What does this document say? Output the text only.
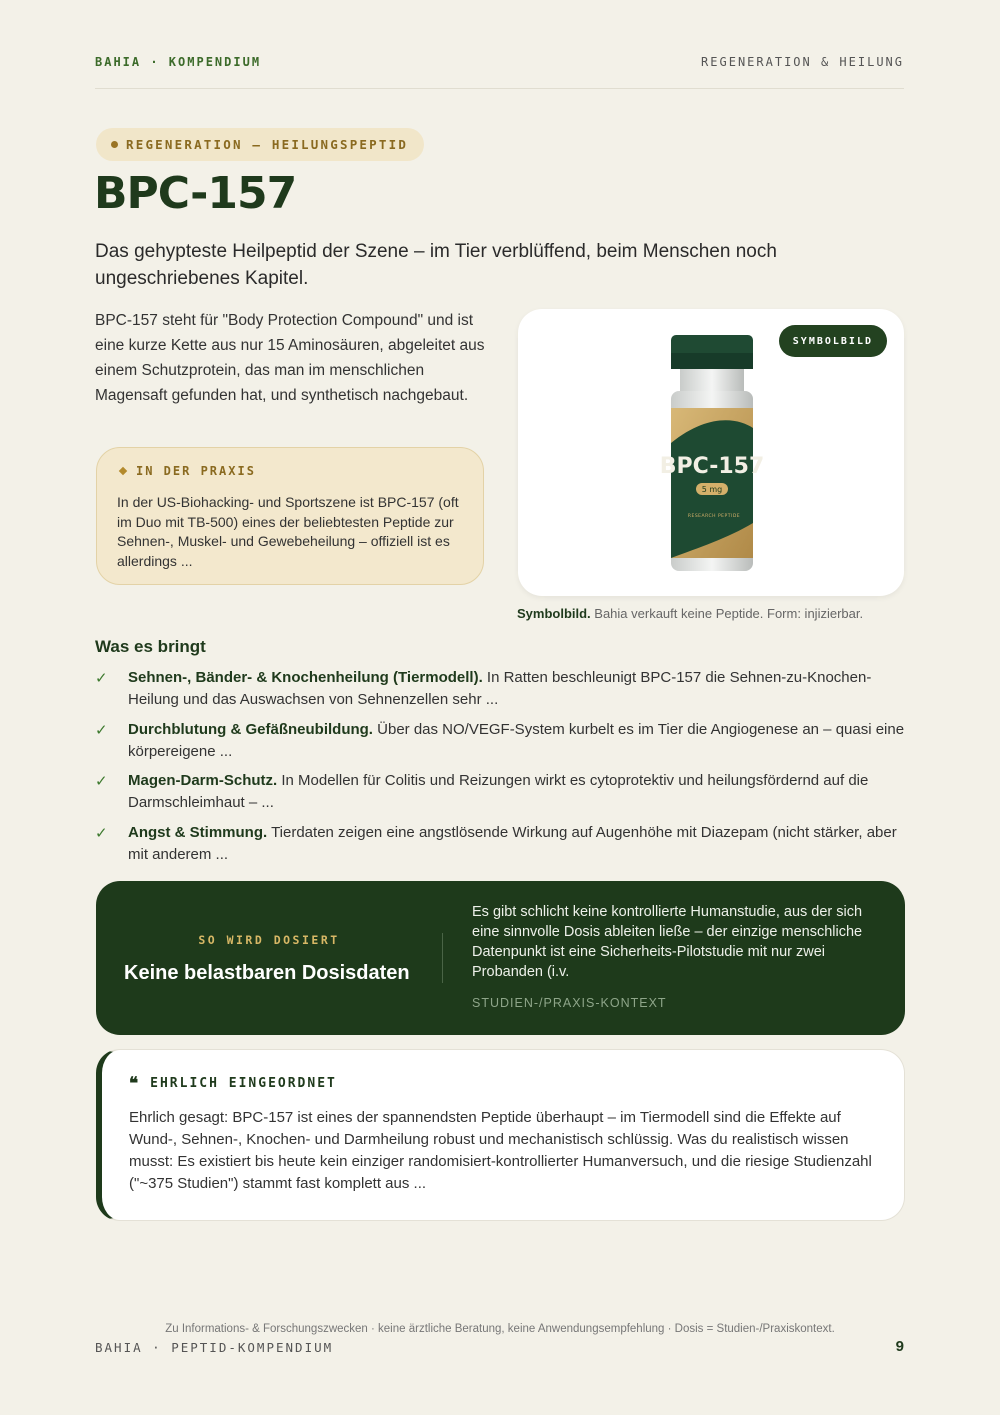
BAHIA · KOMPENDIUM	REGENERATION & HEILUNG
REGENERATION – HEILUNGSPEPTID
BPC-157

Das gehypteste Heilpeptid der Szene – im Tier verblüffend, beim Menschen noch ungeschriebenes Kapitel.

BPC-157 steht für "Body Protection Compound" und ist eine kurze Kette aus nur 15 Aminosäuren, abgeleitet aus einem Schutzprotein, das man im menschlichen Magensaft gefunden hat, und synthetisch nachgebaut.

IN DER PRAXIS

In der US-Biohacking- und Sportszene ist BPC-157 (oft im Duo mit TB-500) eines der beliebtesten Peptide zur Sehnen-, Muskel- und Gewebeheilung – offiziell ist es allerdings ...

SYMBOLBILD
BPC-157
5 mg
RESEARCH PEPTIDE

Symbolbild. Bahia verkauft keine Peptide. Form: injizierbar.

Was es bringt
✓ Sehnen-, Bänder- & Knochenheilung (Tiermodell). In Ratten beschleunigt BPC-157 die Sehnen-zu-Knochen-Heilung und das Auswachsen von Sehnenzellen sehr ...
✓ Durchblutung & Gefäßneubildung. Über das NO/VEGF-System kurbelt es im Tier die Angiogenese an – quasi eine körpereigene ...
✓ Magen-Darm-Schutz. In Modellen für Colitis und Reizungen wirkt es cytoprotektiv und heilungsfördernd auf die Darmschleimhaut – ...
✓ Angst & Stimmung. Tierdaten zeigen eine angstlösende Wirkung auf Augenhöhe mit Diazepam (nicht stärker, aber mit anderem ...
SO WIRD DOSIERT
Keine belastbaren Dosisdaten

Es gibt schlicht keine kontrollierte Humanstudie, aus der sich eine sinnvolle Dosis ableiten ließe – der einzige menschliche Datenpunkt ist eine Sicherheits-Pilotstudie mit nur zwei Probanden (i.v.

STUDIEN-/PRAXIS-KONTEXT

❝ EHRLICH EINGEORDNET

Ehrlich gesagt: BPC-157 ist eines der spannendsten Peptide überhaupt – im Tiermodell sind die Effekte auf Wund-, Sehnen-, Knochen- und Darmheilung robust und mechanistisch schlüssig. Was du realistisch wissen musst: Es existiert bis heute kein einziger randomisiert-kontrollierter Humanversuch, und die riesige Studienzahl ("~375 Studien") stammt fast komplett aus ...

Zu Informations- & Forschungszwecken · keine ärztliche Beratung, keine Anwendungsempfehlung · Dosis = Studien-/Praxiskontext.
BAHIA · PEPTID-KOMPENDIUM	9
